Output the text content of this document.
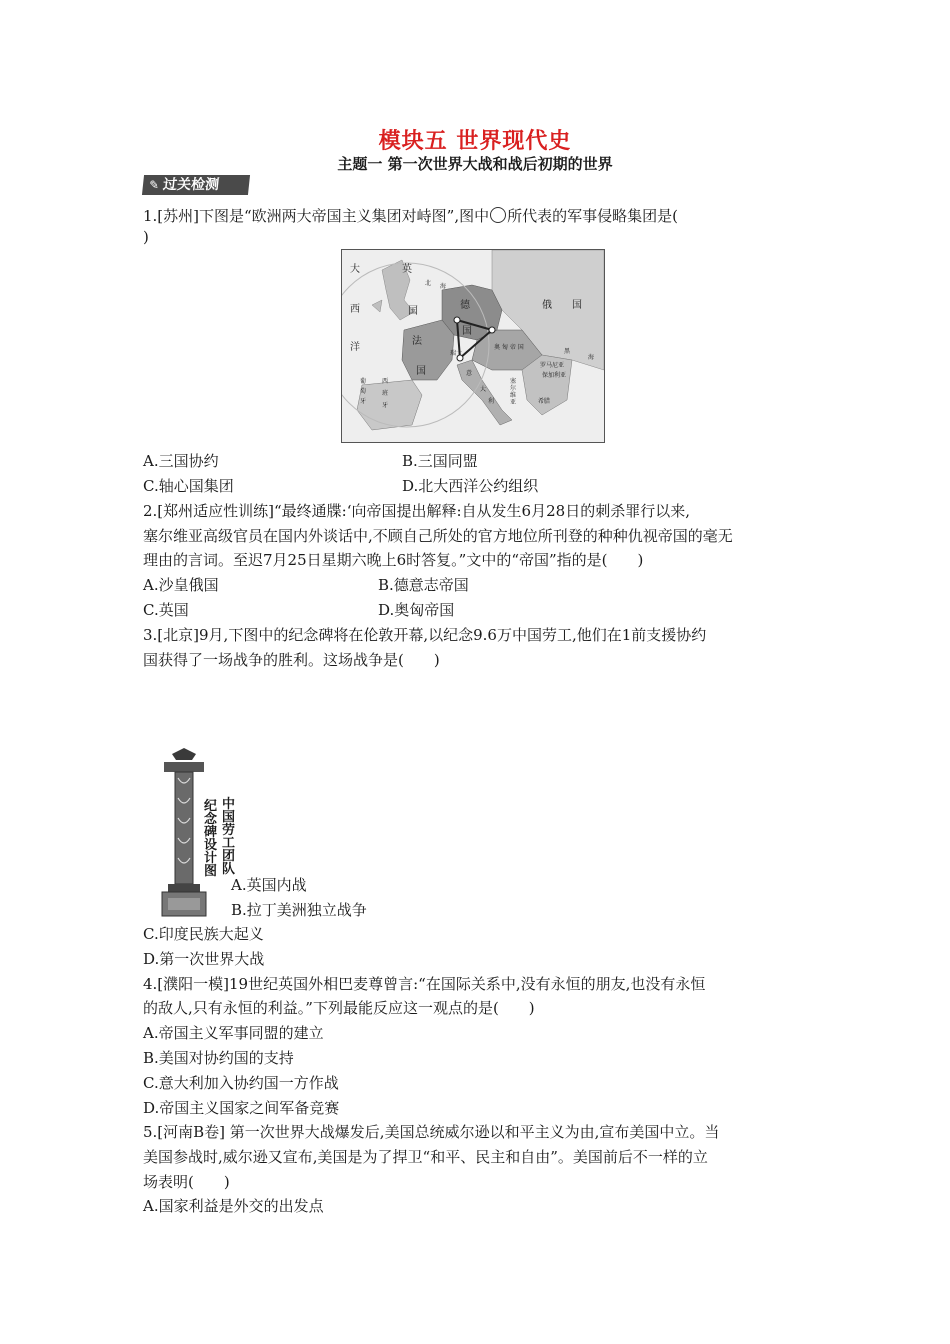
模块五 世界现代史
主题一 第一次世界大战和战后初期的世界
✎ 过关检测
1.[苏州]下图是“欧洲两大帝国主义集团对峙图”,图中 所代表的军事侵略集团是(
)
大
西
洋
英
国
北 海
德
国
俄 国
法
国
奥 匈 帝 国
瑞士
意
大
利
黑
海
罗马尼亚
保加利亚
塞尔维亚	希腊
葡
萄
牙
西
班
牙
A.三国协约	B.三国同盟
C.轴心国集团	D.北大西洋公约组织
2.[郑州适应性训练]“最终通牒:‘向帝国提出解释:自从发生6月28日的刺杀罪行以来,
塞尔维亚高级官员在国内外谈话中,不顾自己所处的官方地位所刊登的种种仇视帝国的毫无
理由的言词。至迟7月25日星期六晚上6时答复。”文中的“帝国”指的是(　　)
A.沙皇俄国	B.德意志帝国
C.英国	D.奥匈帝国
3.[北京]9月,下图中的纪念碑将在伦敦开幕,以纪念9.6万中国劳工,他们在1前支援协约
国获得了一场战争的胜利。这场战争是(　　)
纪念碑设计图
中国劳工团队
A.英国内战
B.拉丁美洲独立战争
C.印度民族大起义
D.第一次世界大战
4.[濮阳一模]19世纪英国外相巴麦尊曾言:“在国际关系中,没有永恒的朋友,也没有永恒
的敌人,只有永恒的利益。”下列最能反应这一观点的是(　　)
A.帝国主义军事同盟的建立
B.美国对协约国的支持
C.意大利加入协约国一方作战
D.帝国主义国家之间军备竞赛
5.[河南B卷] 第一次世界大战爆发后,美国总统威尔逊以和平主义为由,宣布美国中立。当
美国参战时,威尔逊又宣布,美国是为了捍卫“和平、民主和自由”。美国前后不一样的立
场表明(　　)
A.国家利益是外交的出发点
